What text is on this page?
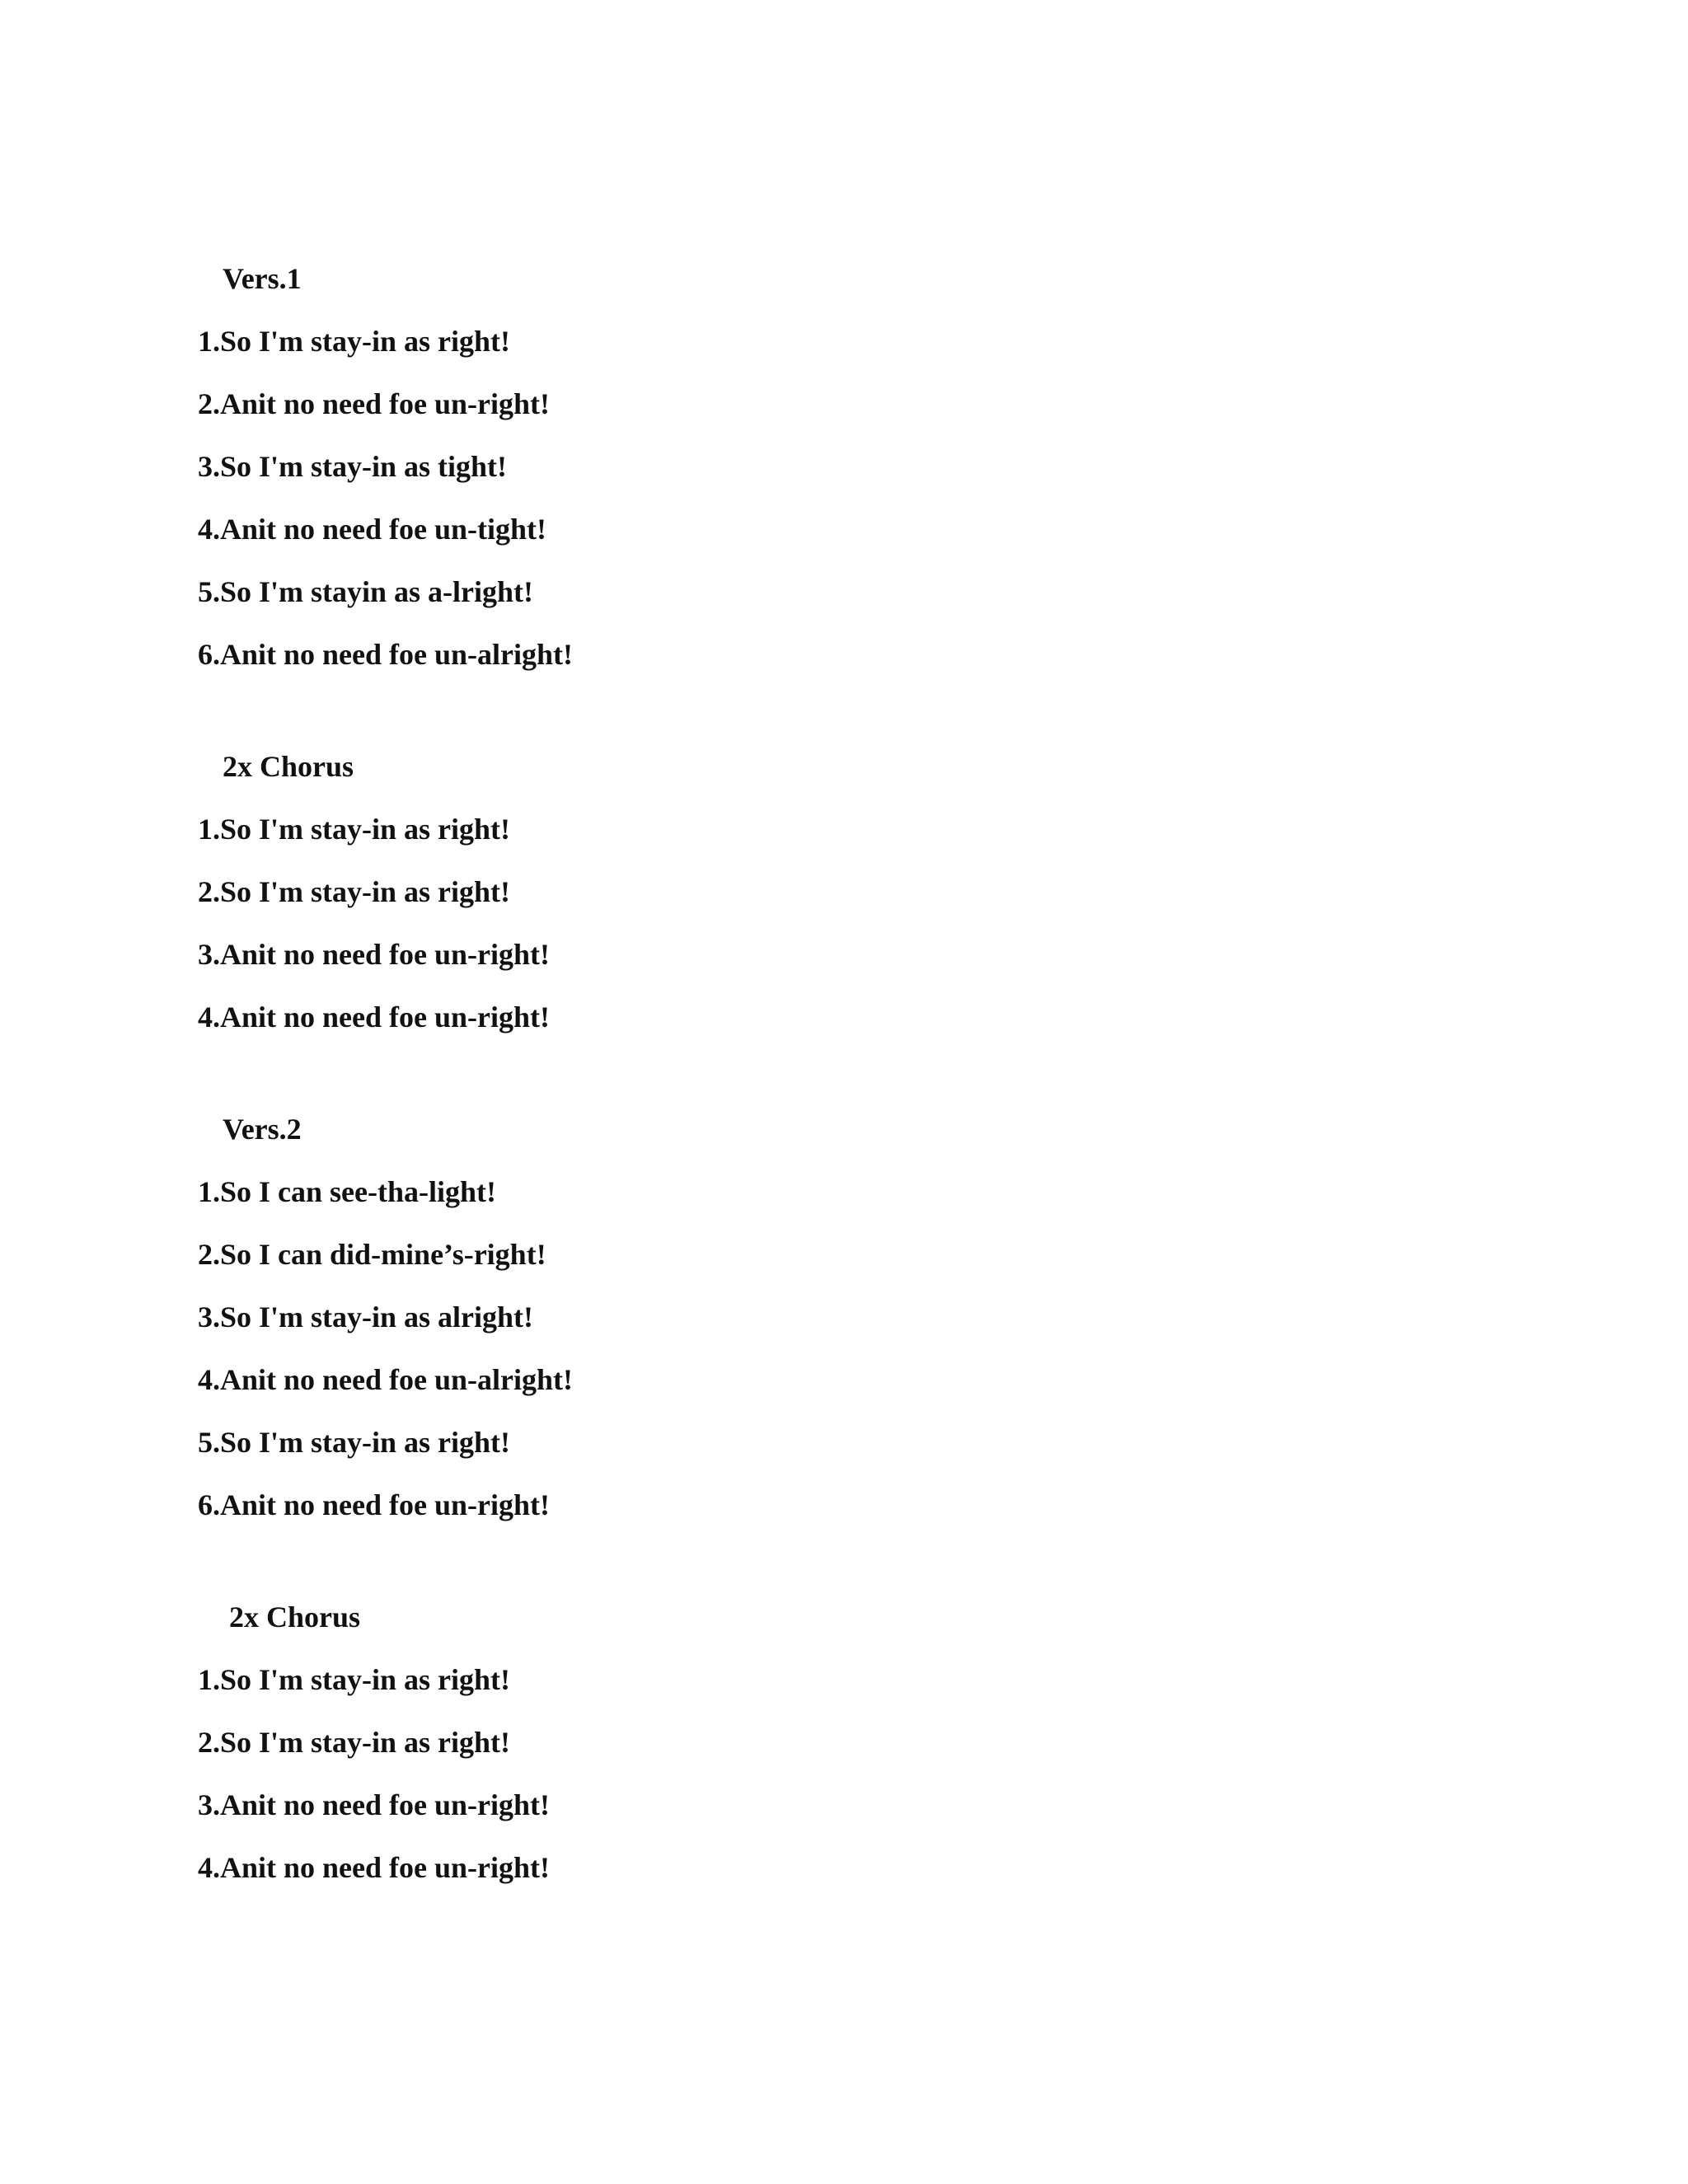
Vers.1
1.So I'm stay-in as right!
2.Anit no need foe un-right!
3.So I'm stay-in as tight!
4.Anit no need foe un-tight!
5.So I'm stayin as a-lright!
6.Anit no need foe un-alright!
2x Chorus
1.So I'm stay-in as right!
2.So I'm stay-in as right!
3.Anit no need foe un-right!
4.Anit no need foe un-right!
Vers.2
1.So I can see-tha-light!
2.So I can did-mine’s-right!
3.So I'm stay-in as alright!
4.Anit no need foe un-alright!
5.So I'm stay-in as right!
6.Anit no need foe un-right!
2x Chorus
1.So I'm stay-in as right!
2.So I'm stay-in as right!
3.Anit no need foe un-right!
4.Anit no need foe un-right!
